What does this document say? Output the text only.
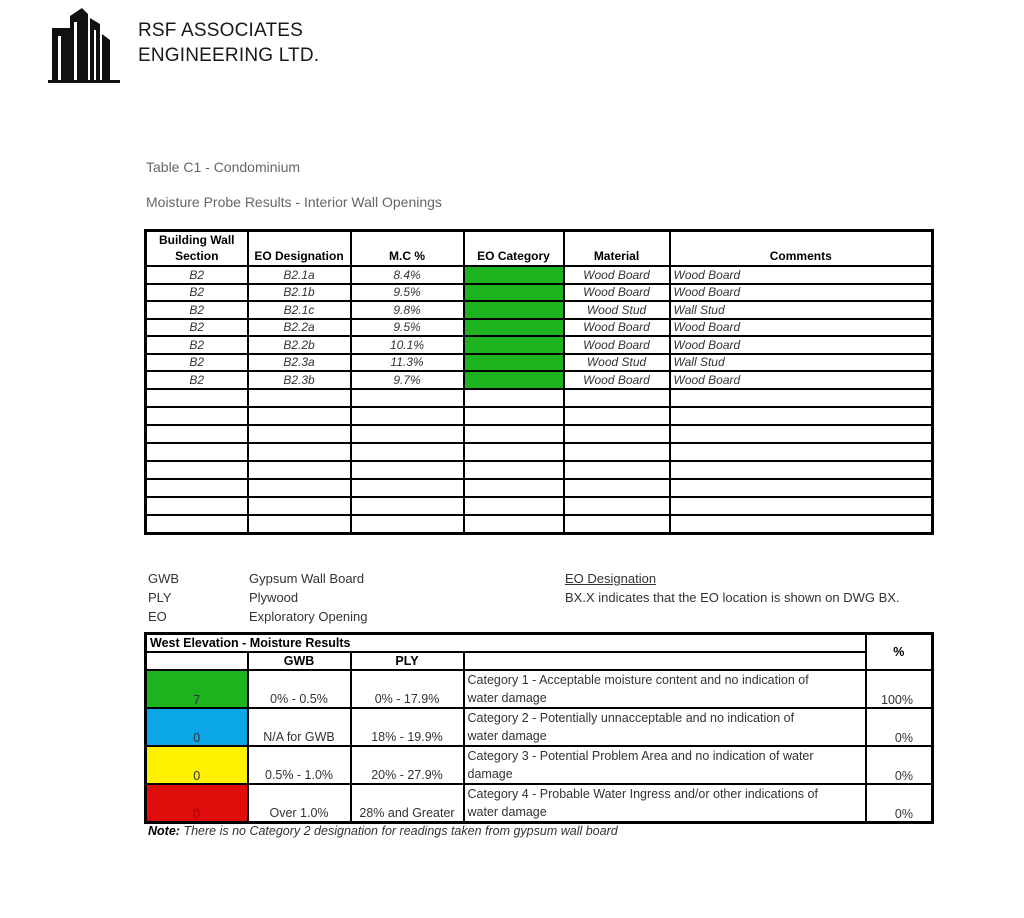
RSF ASSOCIATES
ENGINEERING LTD.
Table C1 - Condominium
Moisture Probe Results - Interior Wall Openings
Building Wall
Section	EO Designation	M.C %	EO Category	Material	Comments
B2	B2.1a	8.4%		Wood Board	Wood Board
B2	B2.1b	9.5%		Wood Board	Wood Board
B2	B2.1c	9.8%		Wood Stud	Wall Stud
B2	B2.2a	9.5%		Wood Board	Wood Board
B2	B2.2b	10.1%		Wood Board	Wood Board
B2	B2.3a	11.3%		Wood Stud	Wall Stud
B2	B2.3b	9.7%		Wood Board	Wood Board

GWB	Gypsum Wall Board
PLY	Plywood
EO	Exploratory Opening
EO Designation
BX.X indicates that the EO location is shown on DWG BX.
West Elevation - Moisture Results				%
	GWB	PLY		
7	0% - 0.5%	0% - 17.9%	Category 1 - Acceptable moisture content and no indication of
water damage	100%
0	N/A for GWB	18% - 19.9%	Category 2 - Potentially unnacceptable and no indication of
water damage	0%
0	0.5% - 1.0%	20% - 27.9%	Category 3 - Potential Problem Area and no indication of water
damage	0%
0	Over 1.0%	28% and Greater	Category 4 - Probable Water Ingress and/or other indications of
water damage	0%
Note: There is no Category 2 designation for readings taken from gypsum wall board
